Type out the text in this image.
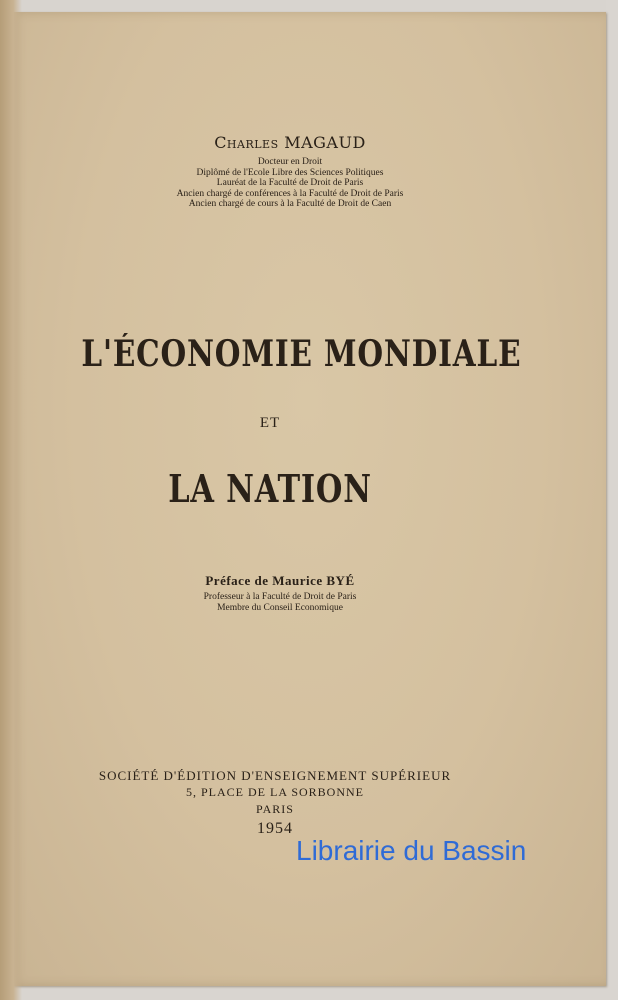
Charles MAGAUD
Docteur en Droit
Diplômé de l'Ecole Libre des Sciences Politiques
Lauréat de la Faculté de Droit de Paris
Ancien chargé de conférences à la Faculté de Droit de Paris
Ancien chargé de cours à la Faculté de Droit de Caen
L'ÉCONOMIE MONDIALE
ET
LA NATION
Préface de Maurice BYÉ
Professeur à la Faculté de Droit de Paris
Membre du Conseil Economique
SOCIÉTÉ D'ÉDITION D'ENSEIGNEMENT SUPÉRIEUR
5, PLACE DE LA SORBONNE
PARIS
1954
Librairie du Bassin
